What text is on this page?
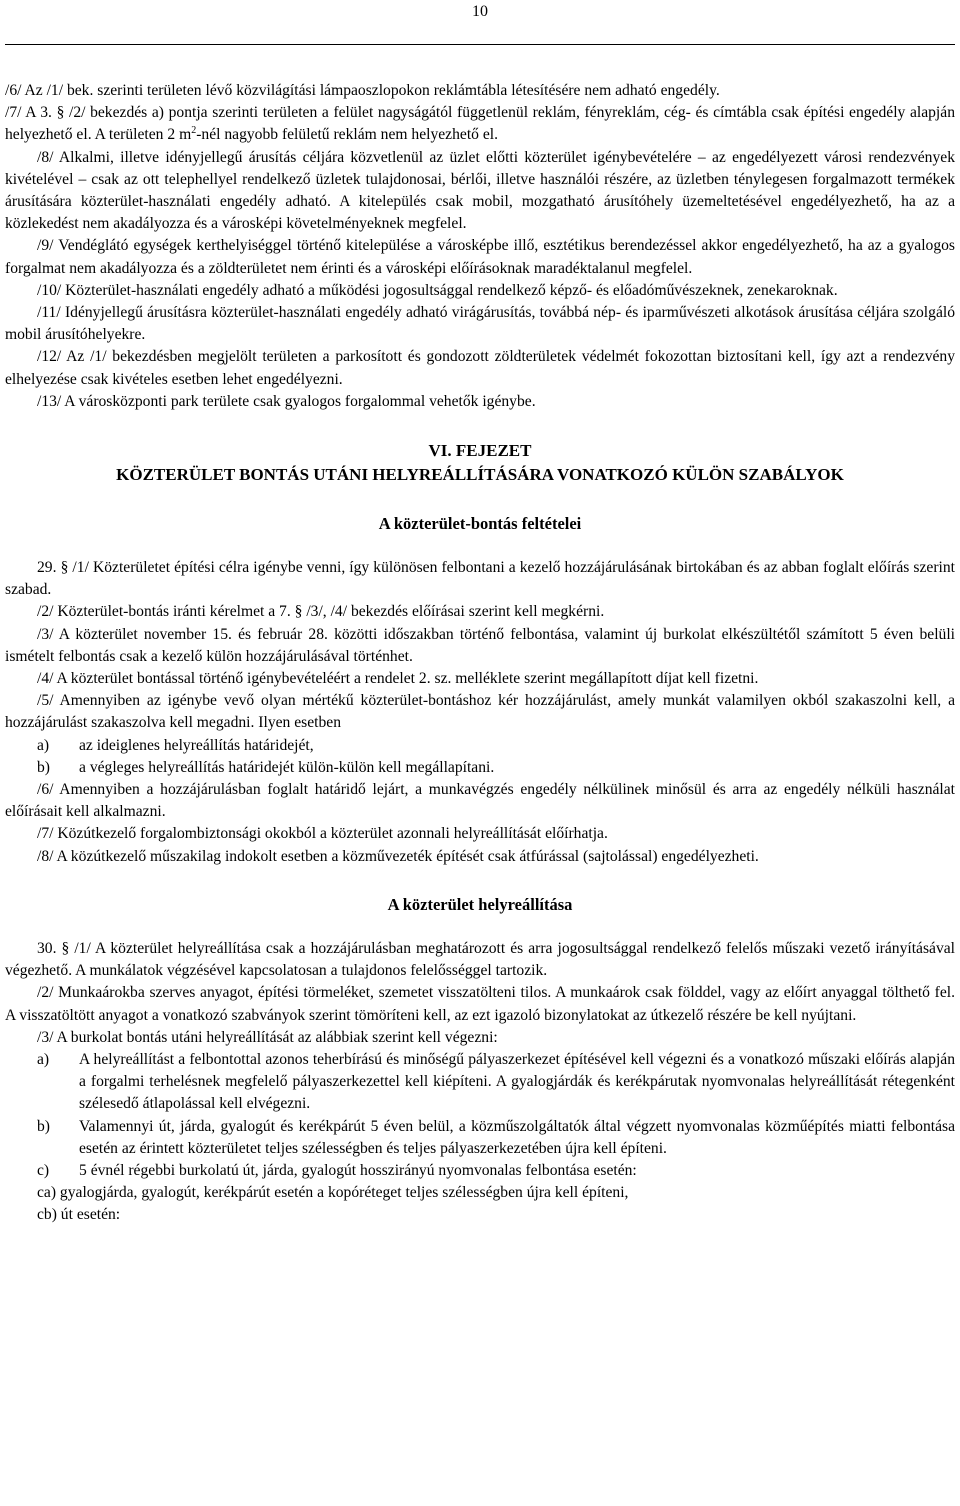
10

/6/ Az /1/ bek. szerinti területen lévő közvilágítási lámpaoszlopokon reklámtábla létesítésére nem adható engedély.

/7/ A 3. § /2/ bekezdés a) pontja szerinti területen a felület nagyságától függetlenül reklám, fényreklám, cég- és címtábla csak építési engedély alapján helyezhető el. A területen 2 $m^2$-nél nagyobb felületű reklám nem helyezhető el.

/8/ Alkalmi, illetve idényjellegű árusítás céljára közvetlenül az üzlet előtti közterület igénybevételére – az engedélyezett városi rendezvények kivételével – csak az ott telephellyel rendelkező üzletek tulajdonosai, bérlői, illetve használói részére, az üzletben ténylegesen forgalmazott termékek árusítására közterület-használati engedély adható. A kitelepülés csak mobil, mozgatható árusítóhely üzemeltetésével engedélyezhető, ha az a közlekedést nem akadályozza és a városképi követelményeknek megfelel.

/9/ Vendéglátó egységek kerthelyiséggel történő kitelepülése a városképbe illő, esztétikus berendezéssel akkor engedélyezhető, ha az a gyalogos forgalmat nem akadályozza és a zöldterületet nem érinti és a városképi előírásoknak maradéktalanul megfelel.

/10/ Közterület-használati engedély adható a működési jogosultsággal rendelkező képző- és előadóművészeknek, zenekaroknak.

/11/ Idényjellegű árusításra közterület-használati engedély adható virágárusítás, továbbá nép- és iparművészeti alkotások árusítása céljára szolgáló mobil árusítóhelyekre.

/12/ Az /1/ bekezdésben megjelölt területen a parkosított és gondozott zöldterületek védelmét fokozottan biztosítani kell, így azt a rendezvény elhelyezése csak kivételes esetben lehet engedélyezni.

/13/ A városközponti park területe csak gyalogos forgalommal vehetők igénybe.

VI. FEJEZET
KÖZTERÜLET BONTÁS UTÁNI HELYREÁLLÍTÁSÁRA VONATKOZÓ KÜLÖN SZABÁLYOK
A közterület-bontás feltételei

29. § /1/ Közterületet építési célra igénybe venni, így különösen felbontani a kezelő hozzájárulásának birtokában és az abban foglalt előírás szerint szabad.

/2/ Közterület-bontás iránti kérelmet a 7. § /3/, /4/ bekezdés előírásai szerint kell megkérni.

/3/ A közterület november 15. és február 28. közötti időszakban történő felbontása, valamint új burkolat elkészültétől számított 5 éven belüli ismételt felbontás csak a kezelő külön hozzájárulásával történhet.

/4/ A közterület bontással történő igénybevételéért a rendelet 2. sz. melléklete szerint megállapított díjat kell fizetni.

/5/ Amennyiben az igénybe vevő olyan mértékű közterület-bontáshoz kér hozzájárulást, amely munkát valamilyen okból szakaszolni kell, a hozzájárulást szakaszolva kell megadni. Ilyen esetben

a)	az ideiglenes helyreállítás határidejét,
b)	a végleges helyreállítás határidejét külön-külön kell megállapítani.

/6/ Amennyiben a hozzájárulásban foglalt határidő lejárt, a munkavégzés engedély nélkülinek minősül és arra az engedély nélküli használat előírásait kell alkalmazni.

/7/ Közútkezelő forgalombiztonsági okokból a közterület azonnali helyreállítását előírhatja.

/8/ A közútkezelő műszakilag indokolt esetben a közművezeték építését csak átfúrással (sajtolással) engedélyezheti.

A közterület helyreállítása

30. § /1/ A közterület helyreállítása csak a hozzájárulásban meghatározott és arra jogosultsággal rendelkező felelős műszaki vezető irányításával végezhető. A munkálatok végzésével kapcsolatosan a tulajdonos felelősséggel tartozik.

/2/ Munkaárokba szerves anyagot, építési törmeléket, szemetet visszatölteni tilos. A munkaárok csak földdel, vagy az előírt anyaggal tölthető fel. A visszatöltött anyagot a vonatkozó szabványok szerint tömöríteni kell, az ezt igazoló bizonylatokat az útkezelő részére be kell nyújtani.

/3/ A burkolat bontás utáni helyreállítását az alábbiak szerint kell végezni:

a)	A helyreállítást a felbontottal azonos teherbírású és minőségű pályaszerkezet építésével kell végezni és a vonatkozó műszaki előírás alapján a forgalmi terhelésnek megfelelő pályaszerkezettel kell kiépíteni. A gyalogjárdák és kerékpárutak nyomvonalas helyreállítását rétegenként szélesedő átlapolással kell elvégezni.
b)	Valamennyi út, járda, gyalogút és kerékpárút 5 éven belül, a közműszolgáltatók által végzett nyomvonalas közműépítés miatti felbontása esetén az érintett közterületet teljes szélességben és teljes pályaszerkezetében újra kell építeni.
c)	5 évnél régebbi burkolatú út, járda, gyalogút hosszirányú nyomvonalas felbontása esetén:

ca) gyalogjárda, gyalogút, kerékpárút esetén a kopóréteget teljes szélességben újra kell építeni,

cb) út esetén:
